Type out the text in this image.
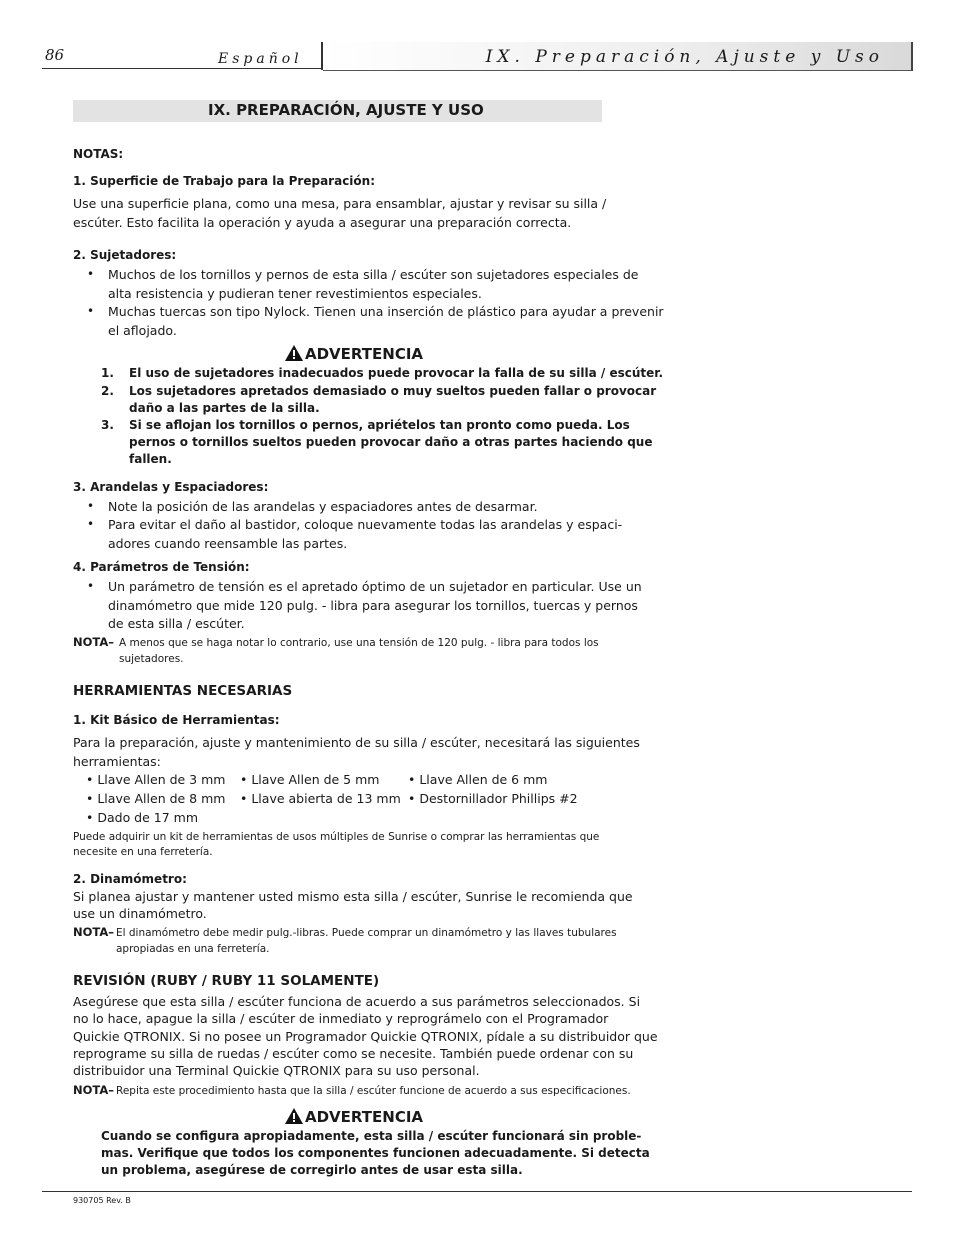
86	Español	IX. Preparación, Ajuste y Uso
IX. PREPARACIÓN, AJUSTE Y USO
NOTAS:
1. Superficie de Trabajo para la Preparación:
Use una superficie plana, como una mesa, para ensamblar, ajustar y revisar su silla /
escúter. Esto facilita la operación y ayuda a asegurar una preparación correcta.
2. Sujetadores:
• Muchos de los tornillos y pernos de esta silla / escúter son sujetadores especiales de
alta resistencia y pudieran tener revestimientos especiales.
• Muchas tuercas son tipo Nylock. Tienen una inserción de plástico para ayudar a prevenir
el aflojado.
ADVERTENCIA
1. El uso de sujetadores inadecuados puede provocar la falla de su silla / escúter.
2. Los sujetadores apretados demasiado o muy sueltos pueden fallar o provocar
daño a las partes de la silla.
3. Si se aflojan los tornillos o pernos, apriételos tan pronto como pueda. Los
pernos o tornillos sueltos pueden provocar daño a otras partes haciendo que
fallen.
3. Arandelas y Espaciadores:
• Note la posición de las arandelas y espaciadores antes de desarmar.
• Para evitar el daño al bastidor, coloque nuevamente todas las arandelas y espaci-
adores cuando reensamble las partes.
4. Parámetros de Tensión:
• Un parámetro de tensión es el apretado óptimo de un sujetador en particular. Use un
dinamómetro que mide 120 pulg. - libra para asegurar los tornillos, tuercas y pernos
de esta silla / escúter.
NOTA– A menos que se haga notar lo contrario, use una tensión de 120 pulg. - libra para todos los
sujetadores.
HERRAMIENTAS NECESARIAS
1. Kit Básico de Herramientas:
Para la preparación, ajuste y mantenimiento de su silla / escúter, necesitará las siguientes
herramientas:
• Llave Allen de 3 mm • Llave Allen de 5 mm • Llave Allen de 6 mm
• Llave Allen de 8 mm • Llave abierta de 13 mm • Destornillador Phillips #2
• Dado de 17 mm
Puede adquirir un kit de herramientas de usos múltiples de Sunrise o comprar las herramientas que
necesite en una ferretería.
2. Dinamómetro:
Si planea ajustar y mantener usted mismo esta silla / escúter, Sunrise le recomienda que
use un dinamómetro.
NOTA– El dinamómetro debe medir pulg.-libras. Puede comprar un dinamómetro y las llaves tubulares
apropiadas en una ferretería.
REVISIÓN (RUBY / RUBY 11 SOLAMENTE)
Asegúrese que esta silla / escúter funciona de acuerdo a sus parámetros seleccionados. Si
no lo hace, apague la silla / escúter de inmediato y reprográmelo con el Programador
Quickie QTRONIX. Si no posee un Programador Quickie QTRONIX, pídale a su distribuidor que
reprograme su silla de ruedas / escúter como se necesite. También puede ordenar con su
distribuidor una Terminal Quickie QTRONIX para su uso personal.
NOTA– Repita este procedimiento hasta que la silla / escúter funcione de acuerdo a sus especificaciones.
ADVERTENCIA
Cuando se configura apropiadamente, esta silla / escúter funcionará sin proble-
mas. Verifique que todos los componentes funcionen adecuadamente. Si detecta
un problema, asegúrese de corregirlo antes de usar esta silla.
930705 Rev. B
